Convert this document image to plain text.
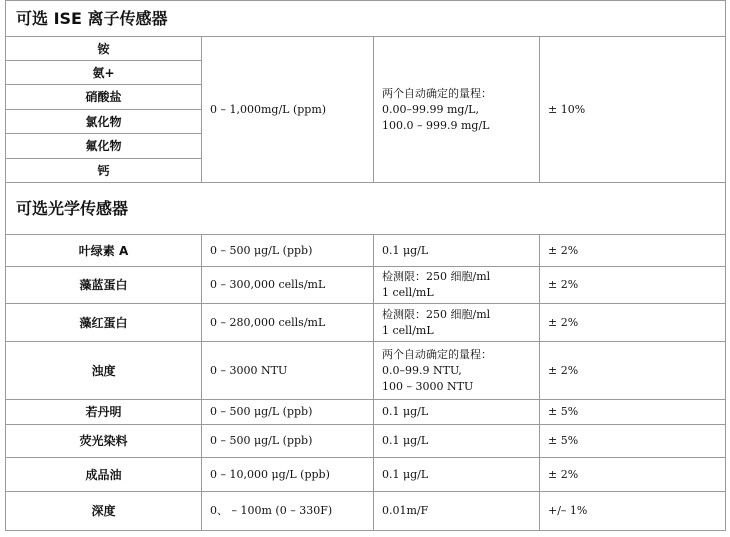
可选 ISE 离子传感器			
铵	0 – 1,000mg/L (ppm)	两个自动确定的量程：
0.00–99.99 mg/L,
100.0 – 999.9 mg/L	± 10%
氨+			
硝酸盐			
氯化物			
氟化物			
钙			
可选光学传感器			
叶绿素 A	0 – 500 μg/L (ppb)	0.1 μg/L	± 2%
藻蓝蛋白	0 – 300,000 cells/mL	检测限：250 细胞/ml
1 cell/mL	± 2%
藻红蛋白	0 – 280,000 cells/mL	检测限：250 细胞/ml
1 cell/mL	± 2%
浊度	0 – 3000 NTU	两个自动确定的量程：
0.0–99.9 NTU,
100 – 3000 NTU	± 2%
若丹明	0 – 500 μg/L (ppb)	0.1 μg/L	± 5%
荧光染料	0 – 500 μg/L (ppb)	0.1 μg/L	± 5%
成品油	0 – 10,000 μg/L (ppb)	0.1 μg/L	± 2%
深度	0、 – 100m (0 – 330F)	0.01m/F	+/– 1%
